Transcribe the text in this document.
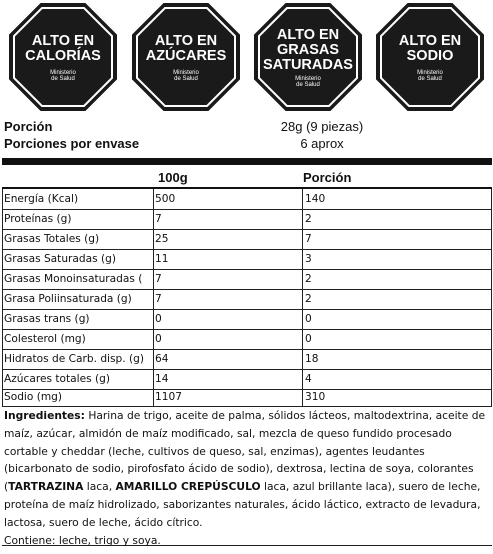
ALTO EN
CALORÍAS
Ministerio
de Salud
ALTO EN
AZÚCARES
Ministerio
de Salud
ALTO EN
GRASAS
SATURADAS
Ministerio
de Salud
ALTO EN
SODIO
Ministerio
de Salud
Porción	28g (9 piezas)
Porciones por envase	6 aprox
100g	Porción
Energía (Kcal)	500	140
Proteínas (g)	7	2
Grasas Totales (g)	25	7
Grasas Saturadas (g)	11	3
Grasas Monoinsaturadas (	7	2
Grasa Poliinsaturada (g)	7	2
Grasas trans (g)	0	0
Colesterol (mg)	0	0
Hidratos de Carb. disp. (g)	64	18
Azúcares totales (g)	14	4
Sodio (mg)	1107	310
Ingredientes: Harina de trigo, aceite de palma, sólidos lácteos, maltodextrina, aceite de maíz, azúcar, almidón de maíz modificado, sal, mezcla de queso fundido procesado cortable y cheddar (leche, cultivos de queso, sal, enzimas), agentes leudantes (bicarbonato de sodio, pirofosfato ácido de sodio), dextrosa, lectina de soya, colorantes (TARTRAZINA laca, AMARILLO CREPÚSCULO laca, azul brillante laca), suero de leche, proteína de maíz hidrolizado, saborizantes naturales, ácido láctico, extracto de levadura, lactosa, suero de leche, ácido cítrico.
Contiene: leche, trigo y soya.
